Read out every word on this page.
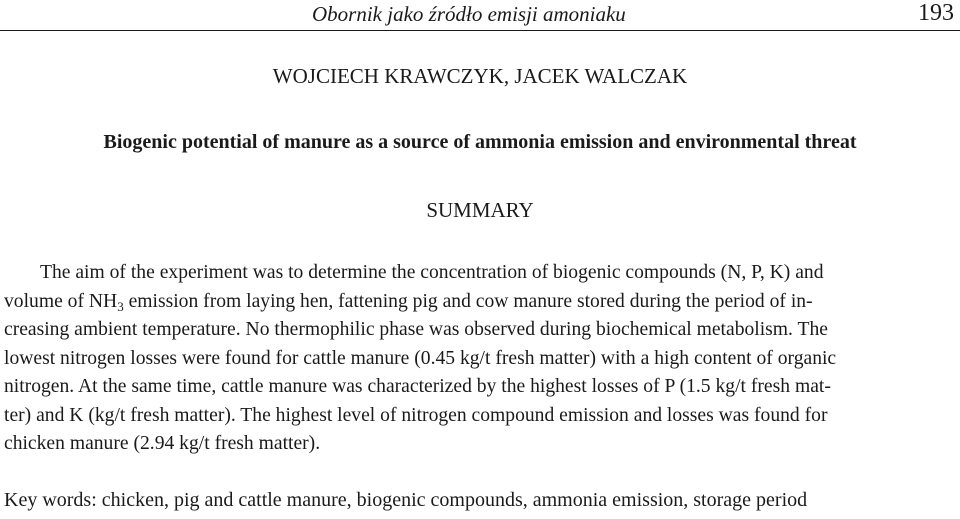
Obornik jako źródło emisji amoniaku	193
WOJCIECH KRAWCZYK, JACEK WALCZAK
Biogenic potential of manure as a source of ammonia emission and environmental threat
SUMMARY
The aim of the experiment was to determine the concentration of biogenic compounds (N, P, K) and
volume of $NH_3$ emission from laying hen, fattening pig and cow manure stored during the period of in-
creasing ambient temperature. No thermophilic phase was observed during biochemical metabolism. The
lowest nitrogen losses were found for cattle manure (0.45 kg/t fresh matter) with a high content of organic
nitrogen. At the same time, cattle manure was characterized by the highest losses of P (1.5 kg/t fresh mat-
ter) and K (kg/t fresh matter). The highest level of nitrogen compound emission and losses was found for
chicken manure (2.94 kg/t fresh matter).
Key words: chicken, pig and cattle manure, biogenic compounds, ammonia emission, storage period
